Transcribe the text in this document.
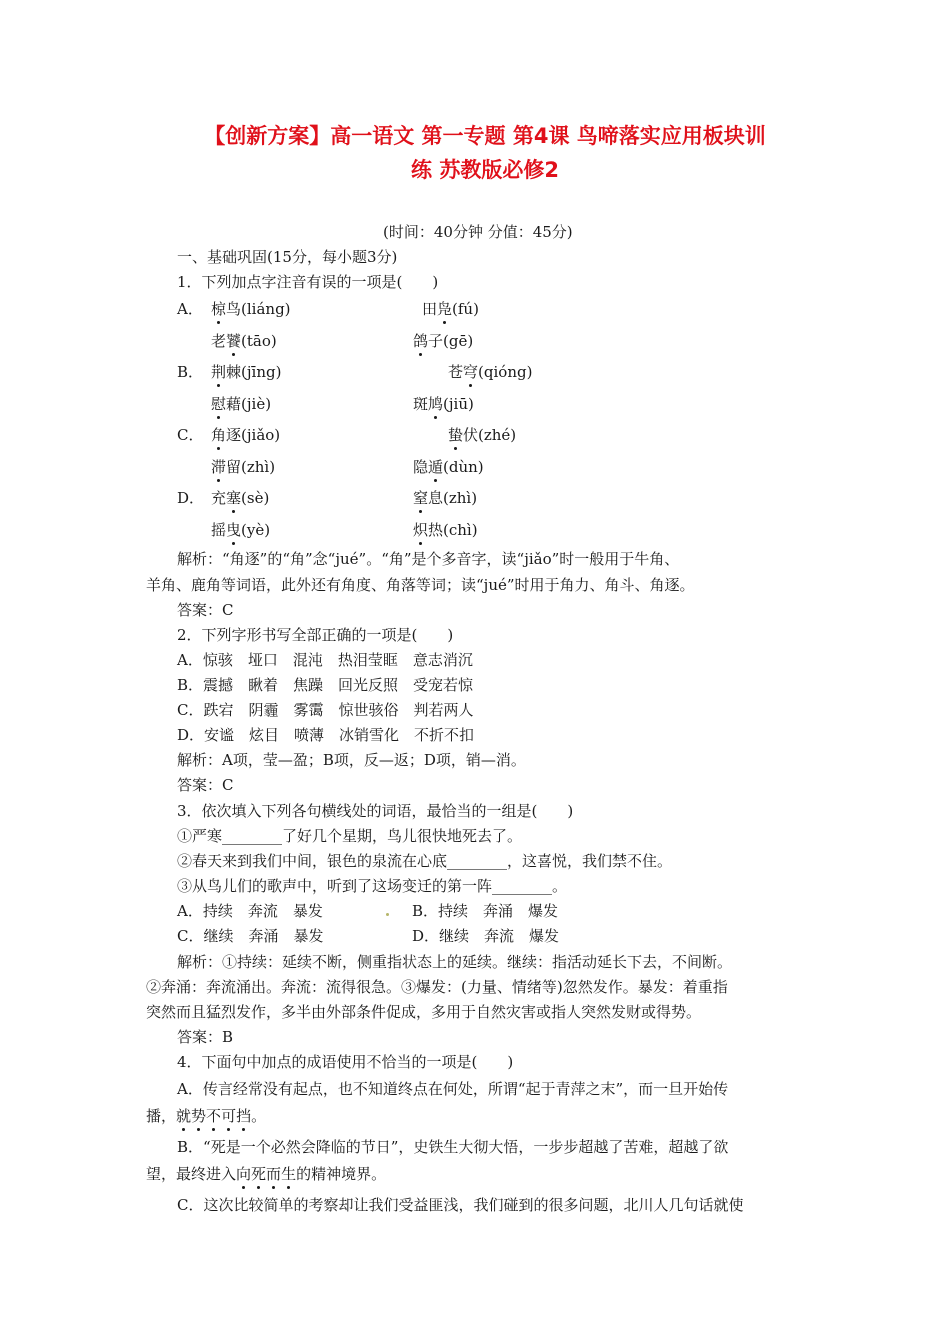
【创新方案】高一语文 第一专题 第4课 鸟啼落实应用板块训
练 苏教版必修2
(时间：40分钟 分值：45分)
一、基础巩固(15分，每小题3分)
1．下列加点字注音有误的一项是(　　)
A． 椋鸟(liáng)	田凫(fú)
老饕(tāo)	鸽子(gē)
B． 荆棘(jīng)	苍穹(qióng)
慰藉(jiè)	斑鸠(jiū)
C． 角逐(jiǎo)	蛰伏(zhé)
滞留(zhì)	隐遁(dùn)
D． 充塞(sè)	窒息(zhì)
摇曳(yè)	炽热(chì)
解析：“角逐”的“角”念“jué”。“角”是个多音字，读“jiǎo”时一般用于牛角、
羊角、鹿角等词语，此外还有角度、角落等词；读“jué”时用于角力、角斗、角逐。
答案：C
2．下列字形书写全部正确的一项是(　　)
A．惊骇　垭口　混沌　热泪莹眶　意志消沉
B．震撼　瞅着　焦躁　回光反照　受宠若惊
C．跌宕　阴霾　雾霭　惊世骇俗　判若两人
D．安谧　炫目　喷薄　冰销雪化　不折不扣
解析：A项，莹—盈；B项，反—返；D项，销—消。
答案：C
3．依次填入下列各句横线处的词语，最恰当的一组是(　　)
①严寒________了好几个星期，鸟儿很快地死去了。
②春天来到我们中间，银色的泉流在心底________，这喜悦，我们禁不住。
③从鸟儿们的歌声中，听到了这场变迁的第一阵________。
A．持续　奔流　暴发	B．持续　奔涌　爆发
C．继续　奔涌　暴发	D．继续　奔流　爆发
解析：①持续：延续不断，侧重指状态上的延续。继续：指活动延长下去，不间断。
②奔涌：奔流涌出。奔流：流得很急。③爆发：(力量、情绪等)忽然发作。暴发：着重指
突然而且猛烈发作，多半由外部条件促成，多用于自然灾害或指人突然发财或得势。
答案：B
4．下面句中加点的成语使用不恰当的一项是(　　)
A．传言经常没有起点，也不知道终点在何处，所谓“起于青萍之末”，而一旦开始传
播，就势不可挡。
B．“死是一个必然会降临的节日”，史铁生大彻大悟，一步步超越了苦难，超越了欲
望，最终进入向死而生的精神境界。
C．这次比较简单的考察却让我们受益匪浅，我们碰到的很多问题，北川人几句话就使
